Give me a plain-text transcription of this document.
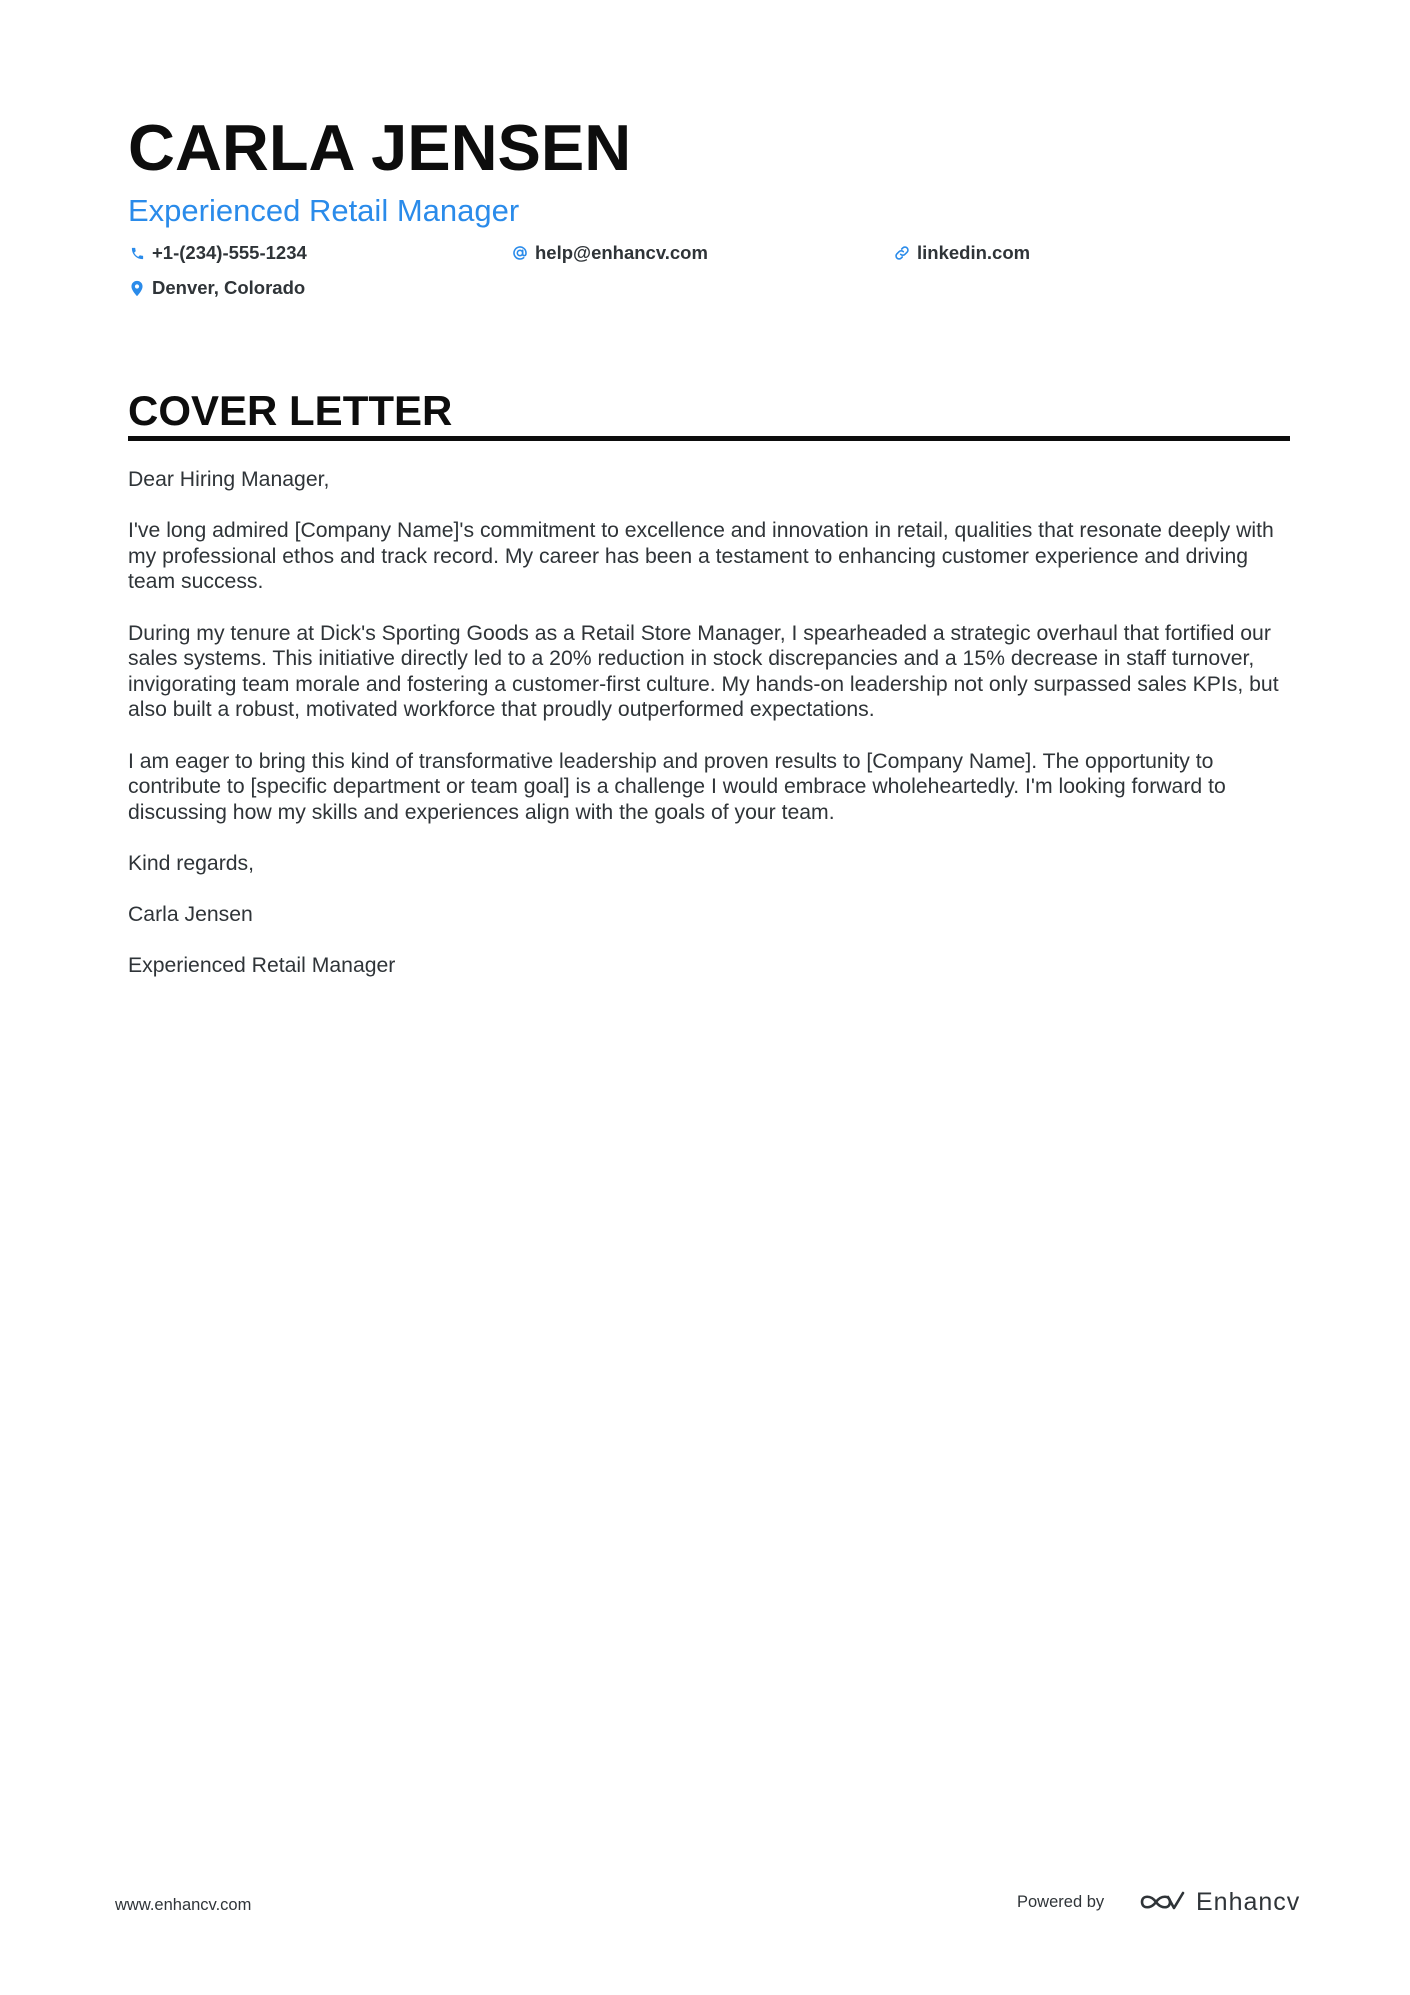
CARLA JENSEN
Experienced Retail Manager
+1-(234)-555-1234	help@enhancv.com	linkedin.com
Denver, Colorado
COVER LETTER

Dear Hiring Manager,

I've long admired [Company Name]'s commitment to excellence and innovation in retail, qualities that resonate deeply with my professional ethos and track record. My career has been a testament to enhancing customer experience and driving team success.

During my tenure at Dick's Sporting Goods as a Retail Store Manager, I spearheaded a strategic overhaul that fortified our sales systems. This initiative directly led to a 20% reduction in stock discrepancies and a 15% decrease in staff turnover, invigorating team morale and fostering a customer-first culture. My hands-on leadership not only surpassed sales KPIs, but also built a robust, motivated workforce that proudly outperformed expectations.

I am eager to bring this kind of transformative leadership and proven results to [Company Name]. The opportunity to contribute to [specific department or team goal] is a challenge I would embrace wholeheartedly. I'm looking forward to discussing how my skills and experiences align with the goals of your team.

Kind regards,

Carla Jensen

Experienced Retail Manager

www.enhancv.com	Powered by	Enhancv
